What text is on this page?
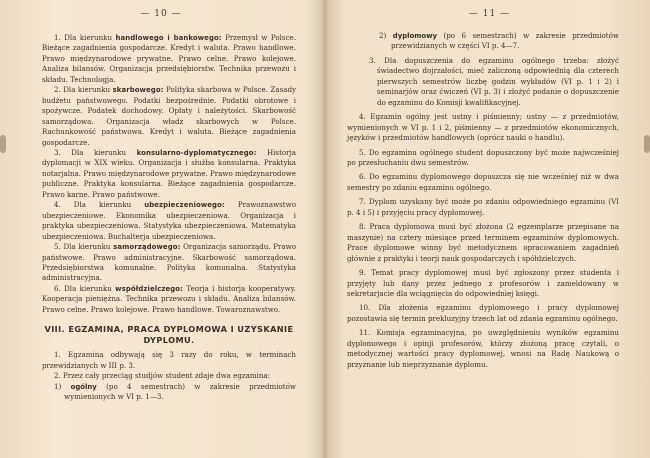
— 10 —

1. Dla kierunku handlowego i bankowego: Przemysł w Polsce. Bieżące zagadnienia gospodarcze. Kredyt i waluta. Prawo handlowe. Prawo międzynarodowe prywatne. Prawo celne. Prawo kolejowe. Analiza bilansów. Organizacja przedsiębiorstw. Technika przewozu i składu. Technologja.

2. Dla kierunku skarbowego: Polityka skarbowa w Polsce. Zasady budżetu państwowego. Podatki bezpośrednie. Podatki obrotowe i spożywcze. Podatek dochodowy. Opłaty i należytości. Skarbowość samorządowa. Organizacja władz skarbowych w Polsce. Rachunkowość państwowa. Kredyt i waluta. Bieżące zagadnienia gospodarcze.

3. Dla kierunku konsularno-dyplomatycznego: Historja dyplomacji w XIX wieku. Organizacja i służba konsularna. Praktyka notarjalna. Prawo międzynarodowe prywatne. Prawo międzynarodowe publiczne. Praktyka konsularna. Bieżące zagadnienia gospodarcze. Prawo karne. Prawo państwowe.

4. Dla kierunku ubezpieczeniowego: Prawoznawstwo ubezpieczeniowe. Ekonomika ubezpieczeniowa. Organizacja i praktyka ubezpieczeniowa. Statystyka ubezpieczeniowa. Matematyka ubezpieczeniowa. Buchalterja ubezpieczeniowa.

5. Dla kierunku samorządowego: Organizacja samorządu. Prawo państwowe. Prawo administracyjne. Skarbowość samorządowa. Przedsiębiorstwa komunalne. Polityka komunalna. Statystyka administracyjna.

6. Dla kierunku współdzielczego: Teorja i historja kooperatywy. Kooperacja pieniężna. Technika przewozu i składu. Analiza bilansów. Prawo celne. Prawo kolejowe. Prawo handlowe. Towaroznawstwo.

VIII. EGZAMINA, PRACA DYPLOMOWA I UZYSKANIE DYPLOMU.

1. Egzamina odbywają się 3 razy do roku, w terminach przewidzianych w III p. 3.

2. Przez cały przeciąg studjów student zdaje dwa egzamina:

1) ogólny (po 4 semestrach) w zakresie przedmiotów wymienionych w VI p. 1—3.

— 11 —

2) dyplomowy (po 6 semestrach) w zakresie przedmiotów przewidzianych w części VI p. 4—7.

3. Dla dopuszczenia do egzaminu ogólnego trzeba: złożyć świadectwo dojrzałości, mieć zaliczoną odpowiednią dla czterech pierwszych semestrów liczbę godzin wykładów (VI p. 1 i 2) i seminarjów oraz ćwiczeń (VI p. 3) i złożyć podanie o dopuszczenie do egzaminu do Komisji kwalifikacyjnej.

4. Egzamin ogólny jest ustny i piśmienny; ustny — z przedmiotów, wymienionych w VI p. 1 i 2, piśmienny — z przedmiotów ekonomicznych, języków i przedmiotów handlowych (oprócz nauki o handlu).

5. Do egzaminu ogólnego student dopuszczony być może najwcześniej po przesłuchaniu dwu semestrów.

6. Do egzaminu dyplomowego dopuszcza się nie wcześniej niż w dwa semestry po zdaniu egzaminu ogólnego.

7. Dyplom uzyskany być może po zdaniu odpowiedniego egzaminu (VI p. 4 i 5) i przyjęciu pracy dyplomowej.

8. Praca dyplomowa musi być złożona (2 egzemplarze przepisane na maszynie) na cztery miesiące przed terminem egzaminów dyplomowych. Prace dyplomowe winny być metodycznem opracowaniem zagadnień głównie z praktyki i teorji nauk gospodarczych i spółdzielczych.

9. Temat pracy dyplomowej musi być zgłoszony przez studenta i przyjęty lub dany przez jednego z profesorów i zameldowany w sekretarjacie dla wciągnięcia do odpowiedniej księgi.

10. Dla złożenia egzaminu dyplomowego i pracy dyplomowej pozostawia się termin prekluzyjny trzech lat od zdania egzaminu ogólnego.

11. Komisja egzaminacyjna, po uwzględnieniu wyników egzaminu dyplomowego i opinji profesorów, którzy złożoną pracę czytali, o metodycznej wartości pracy dyplomowej, wnosi na Radę Naukową o przyznanie lub nieprzyznanie dyplomu.
